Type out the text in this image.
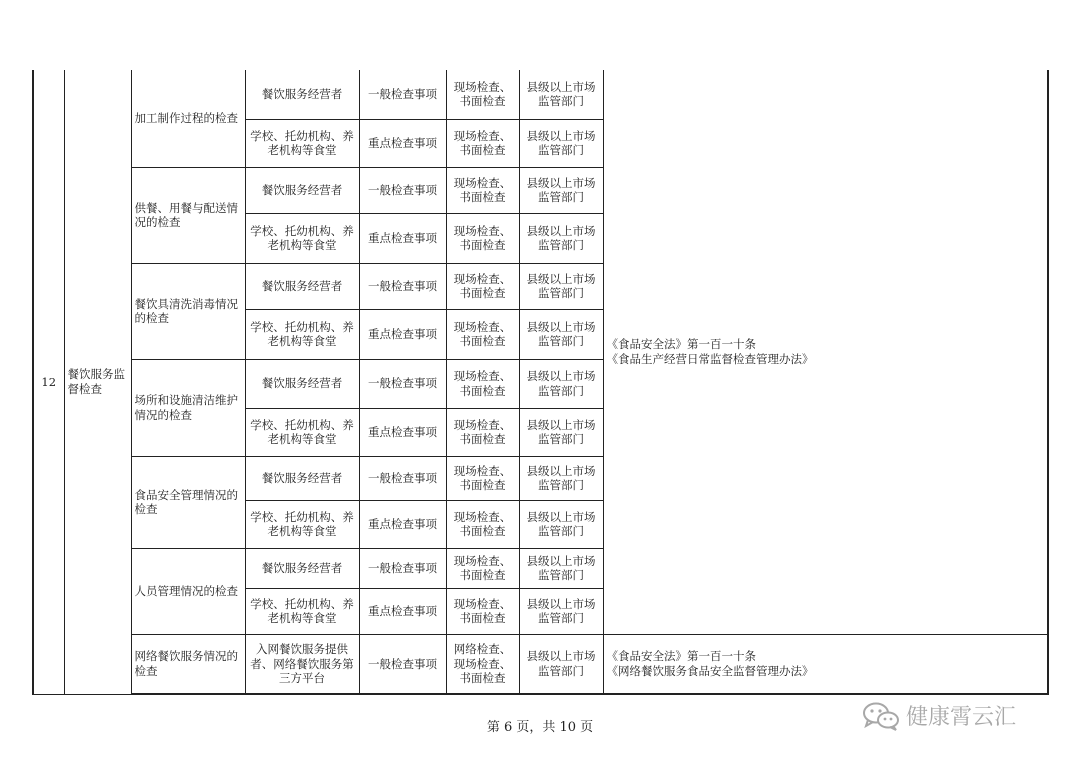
12	餐饮服务监督检查	加工制作过程的检查	餐饮服务经营者	一般检查事项	现场检查、书面检查	县级以上市场监管部门	《食品安全法》第一百一十条
《食品生产经营日常监督检查管理办法》

			学校、托幼机构、养老机构等食堂	重点检查事项	现场检查、书面检查	县级以上市场监管部门	
		供餐、用餐与配送情况的检查	餐饮服务经营者	一般检查事项	现场检查、书面检查	县级以上市场监管部门	
			学校、托幼机构、养老机构等食堂	重点检查事项	现场检查、书面检查	县级以上市场监管部门	
		餐饮具清洗消毒情况的检查	餐饮服务经营者	一般检查事项	现场检查、书面检查	县级以上市场监管部门	
			学校、托幼机构、养老机构等食堂	重点检查事项	现场检查、书面检查	县级以上市场监管部门	
		场所和设施清洁维护情况的检查	餐饮服务经营者	一般检查事项	现场检查、书面检查	县级以上市场监管部门	
			学校、托幼机构、养老机构等食堂	重点检查事项	现场检查、书面检查	县级以上市场监管部门	
		食品安全管理情况的检查	餐饮服务经营者	一般检查事项	现场检查、书面检查	县级以上市场监管部门	
			学校、托幼机构、养老机构等食堂	重点检查事项	现场检查、书面检查	县级以上市场监管部门	
		人员管理情况的检查	餐饮服务经营者	一般检查事项	现场检查、书面检查	县级以上市场监管部门	
			学校、托幼机构、养老机构等食堂	重点检查事项	现场检查、书面检查	县级以上市场监管部门	
		网络餐饮服务情况的检查	入网餐饮服务提供者、网络餐饮服务第三方平台	一般检查事项	网络检查、现场检查、书面检查	县级以上市场监管部门	《食品安全法》第一百一十条
《网络餐饮服务食品安全监督管理办法》
第 6 页，共 10 页	健康霄云汇
